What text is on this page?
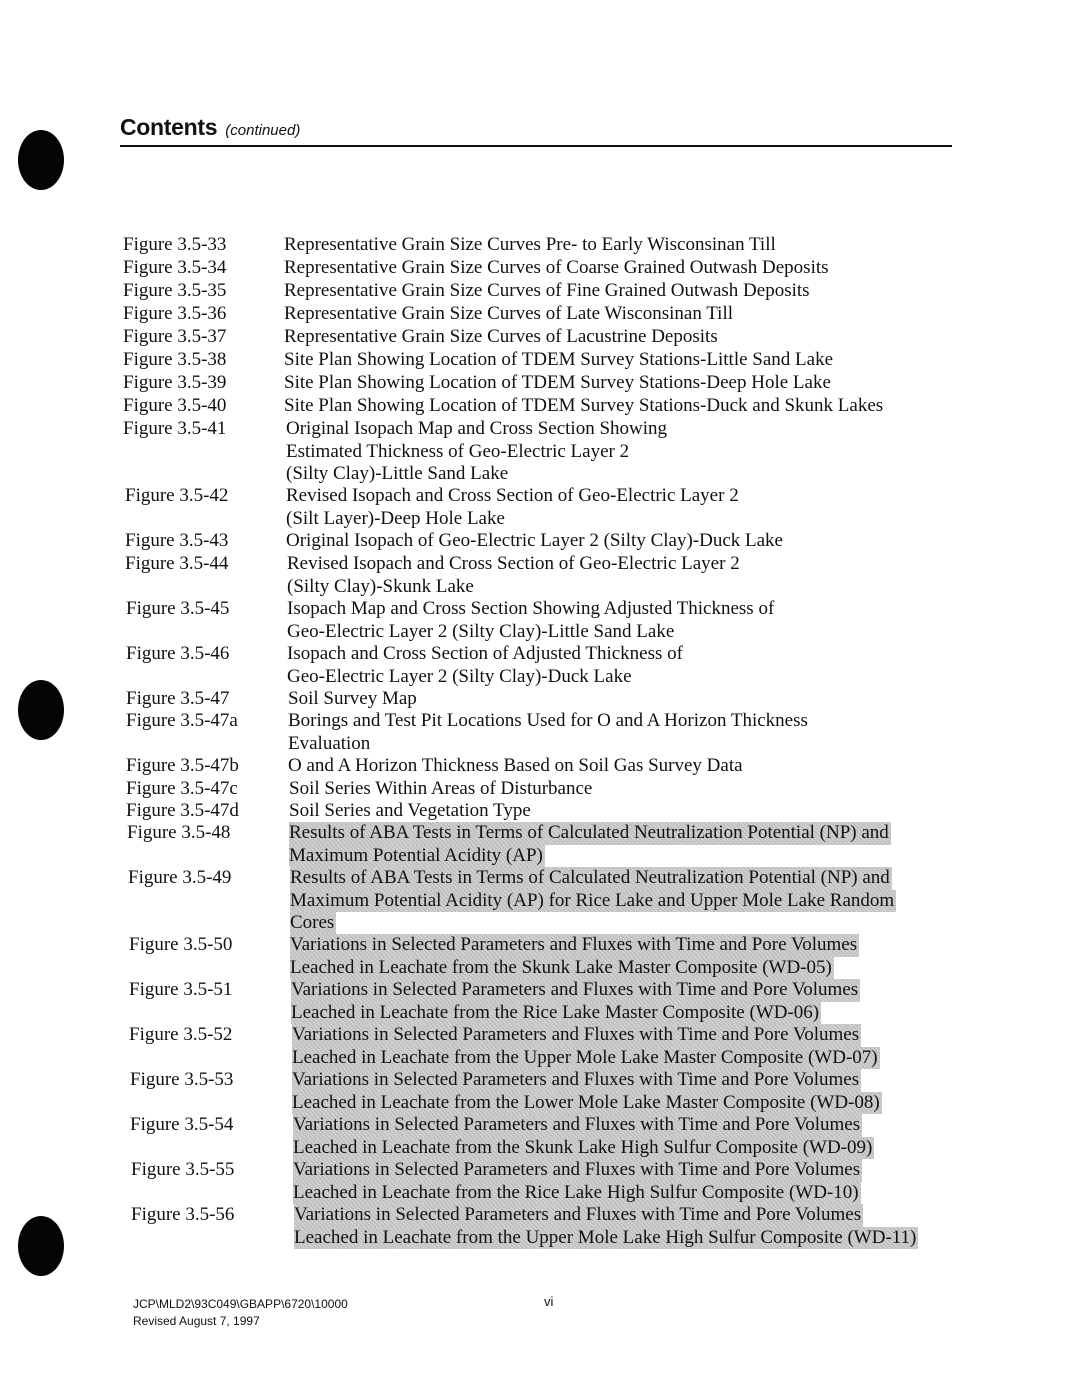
Contents (continued)
Figure 3.5-33	Representative Grain Size Curves Pre- to Early Wisconsinan Till
Figure 3.5-34	Representative Grain Size Curves of Coarse Grained Outwash Deposits
Figure 3.5-35	Representative Grain Size Curves of Fine Grained Outwash Deposits
Figure 3.5-36	Representative Grain Size Curves of Late Wisconsinan Till
Figure 3.5-37	Representative Grain Size Curves of Lacustrine Deposits
Figure 3.5-38	Site Plan Showing Location of TDEM Survey Stations-Little Sand Lake
Figure 3.5-39	Site Plan Showing Location of TDEM Survey Stations-Deep Hole Lake
Figure 3.5-40	Site Plan Showing Location of TDEM Survey Stations-Duck and Skunk Lakes
Figure 3.5-41	Original Isopach Map and Cross Section Showing
Estimated Thickness of Geo-Electric Layer 2
(Silty Clay)-Little Sand Lake
Figure 3.5-42	Revised Isopach and Cross Section of Geo-Electric Layer 2
(Silt Layer)-Deep Hole Lake
Figure 3.5-43	Original Isopach of Geo-Electric Layer 2 (Silty Clay)-Duck Lake
Figure 3.5-44	Revised Isopach and Cross Section of Geo-Electric Layer 2
(Silty Clay)-Skunk Lake
Figure 3.5-45	Isopach Map and Cross Section Showing Adjusted Thickness of
Geo-Electric Layer 2 (Silty Clay)-Little Sand Lake
Figure 3.5-46	Isopach and Cross Section of Adjusted Thickness of
Geo-Electric Layer 2 (Silty Clay)-Duck Lake
Figure 3.5-47	Soil Survey Map
Figure 3.5-47a	Borings and Test Pit Locations Used for O and A Horizon Thickness
Evaluation
Figure 3.5-47b	O and A Horizon Thickness Based on Soil Gas Survey Data
Figure 3.5-47c	Soil Series Within Areas of Disturbance
Figure 3.5-47d	Soil Series and Vegetation Type
Figure 3.5-48	Results of ABA Tests in Terms of Calculated Neutralization Potential (NP) and
Maximum Potential Acidity (AP)
Figure 3.5-49	Results of ABA Tests in Terms of Calculated Neutralization Potential (NP) and
Maximum Potential Acidity (AP) for Rice Lake and Upper Mole Lake Random
Cores
Figure 3.5-50	Variations in Selected Parameters and Fluxes with Time and Pore Volumes
Leached in Leachate from the Skunk Lake Master Composite (WD-05)
Figure 3.5-51	Variations in Selected Parameters and Fluxes with Time and Pore Volumes
Leached in Leachate from the Rice Lake Master Composite (WD-06)
Figure 3.5-52	Variations in Selected Parameters and Fluxes with Time and Pore Volumes
Leached in Leachate from the Upper Mole Lake Master Composite (WD-07)
Figure 3.5-53	Variations in Selected Parameters and Fluxes with Time and Pore Volumes
Leached in Leachate from the Lower Mole Lake Master Composite (WD-08)
Figure 3.5-54	Variations in Selected Parameters and Fluxes with Time and Pore Volumes
Leached in Leachate from the Skunk Lake High Sulfur Composite (WD-09)
Figure 3.5-55	Variations in Selected Parameters and Fluxes with Time and Pore Volumes
Leached in Leachate from the Rice Lake High Sulfur Composite (WD-10)
Figure 3.5-56	Variations in Selected Parameters and Fluxes with Time and Pore Volumes
Leached in Leachate from the Upper Mole Lake High Sulfur Composite (WD-11)
JCP\MLD2\93C049\GBAPP\6720\10000
Revised August 7, 1997
vi
